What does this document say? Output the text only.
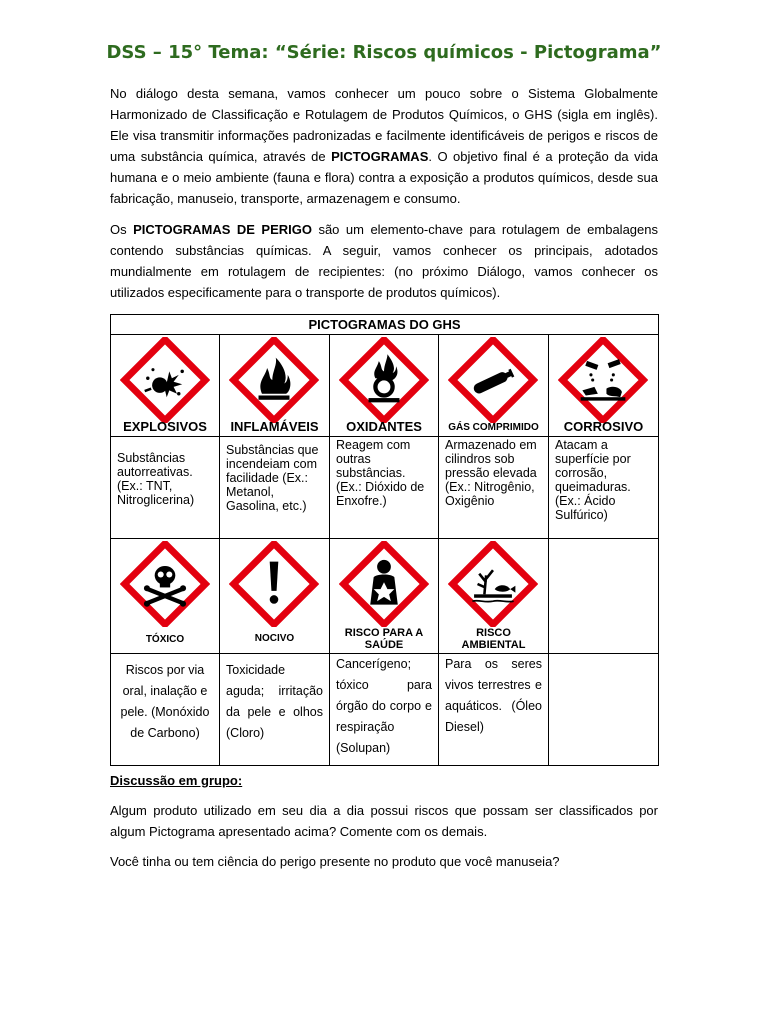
DSS – 15° Tema: “Série: Riscos químicos - Pictograma”

No diálogo desta semana, vamos conhecer um pouco sobre o Sistema Globalmente Harmonizado de Classificação e Rotulagem de Produtos Químicos, o GHS (sigla em inglês). Ele visa transmitir informações padronizadas e facilmente identificáveis de perigos e riscos de uma substância química, através de PICTOGRAMAS. O objetivo final é a proteção da vida humana e o meio ambiente (fauna e flora) contra a exposição a produtos químicos, desde sua fabricação, manuseio, transporte, armazenagem e consumo.

Os PICTOGRAMAS DE PERIGO são um elemento-chave para rotulagem de embalagens contendo substâncias químicas. A seguir, vamos conhecer os principais, adotados mundialmente em rotulagem de recipientes: (no próximo Diálogo, vamos conhecer os utilizados especificamente para o transporte de produtos químicos).

PICTOGRAMAS DO GHS				

EXPLOSIVOS	INFLAMÁVEIS	OXIDANTES	GÁS COMPRIMIDO	CORROSIVO

Substâncias autorreativas. (Ex.: TNT, Nitroglicerina)	Substâncias que incendeiam com facilidade (Ex.: Metanol, Gasolina, etc.)	Reagem com outras substâncias. (Ex.: Dióxido de Enxofre.)	Armazenado em cilindros sob pressão elevada (Ex.: Nitrogênio, Oxigênio	Atacam a superfície por corrosão, queimaduras. (Ex.: Ácido Sulfúrico)

TÓXICO	NOCIVO	RISCO PARA A SAÚDE	RISCO AMBIENTAL	

Riscos por via oral, inalação e pele. (Monóxido de Carbono)	Toxicidade aguda; irritação da pele e olhos (Cloro)	Cancerígeno; tóxico para órgão do corpo e respiração (Solupan)	Para os seres vivos terrestres e aquáticos. (Óleo Diesel)	
Discussão em grupo:

Algum produto utilizado em seu dia a dia possui riscos que possam ser classificados por algum Pictograma apresentado acima? Comente com os demais.

Você tinha ou tem ciência do perigo presente no produto que você manuseia?
